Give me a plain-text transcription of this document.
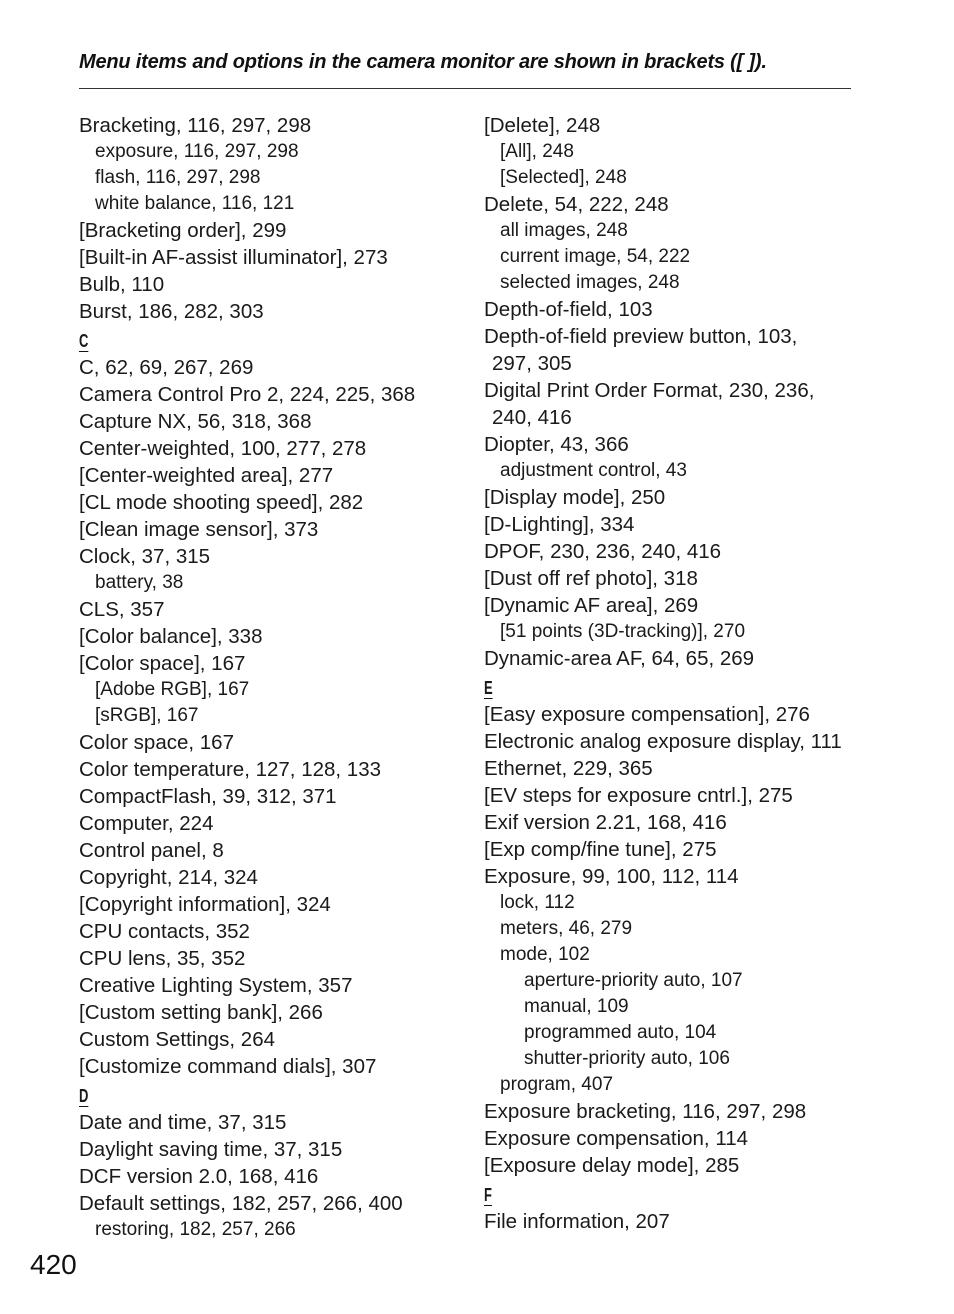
Menu items and options in the camera monitor are shown in brackets ([ ]).
Bracketing, 116, 297, 298
exposure, 116, 297, 298
flash, 116, 297, 298
white balance, 116, 121
[Bracketing order], 299
[Built-in AF-assist illuminator], 273
Bulb, 110
Burst, 186, 282, 303
C
C, 62, 69, 267, 269
Camera Control Pro 2, 224, 225, 368
Capture NX, 56, 318, 368
Center-weighted, 100, 277, 278
[Center-weighted area], 277
[CL mode shooting speed], 282
[Clean image sensor], 373
Clock, 37, 315
battery, 38
CLS, 357
[Color balance], 338
[Color space], 167
[Adobe RGB], 167
[sRGB], 167
Color space, 167
Color temperature, 127, 128, 133
CompactFlash, 39, 312, 371
Computer, 224
Control panel, 8
Copyright, 214, 324
[Copyright information], 324
CPU contacts, 352
CPU lens, 35, 352
Creative Lighting System, 357
[Custom setting bank], 266
Custom Settings, 264
[Customize command dials], 307
D
Date and time, 37, 315
Daylight saving time, 37, 315
DCF version 2.0, 168, 416
Default settings, 182, 257, 266, 400
restoring, 182, 257, 266
[Delete], 248
[All], 248
[Selected], 248
Delete, 54, 222, 248
all images, 248
current image, 54, 222
selected images, 248
Depth-of-field, 103
Depth-of-field preview button, 103,
297, 305
Digital Print Order Format, 230, 236,
240, 416
Diopter, 43, 366
adjustment control, 43
[Display mode], 250
[D-Lighting], 334
DPOF, 230, 236, 240, 416
[Dust off ref photo], 318
[Dynamic AF area], 269
[51 points (3D-tracking)], 270
Dynamic-area AF, 64, 65, 269
E
[Easy exposure compensation], 276
Electronic analog exposure display, 111
Ethernet, 229, 365
[EV steps for exposure cntrl.], 275
Exif version 2.21, 168, 416
[Exp comp/fine tune], 275
Exposure, 99, 100, 112, 114
lock, 112
meters, 46, 279
mode, 102
aperture-priority auto, 107
manual, 109
programmed auto, 104
shutter-priority auto, 106
program, 407
Exposure bracketing, 116, 297, 298
Exposure compensation, 114
[Exposure delay mode], 285
F
File information, 207
420
